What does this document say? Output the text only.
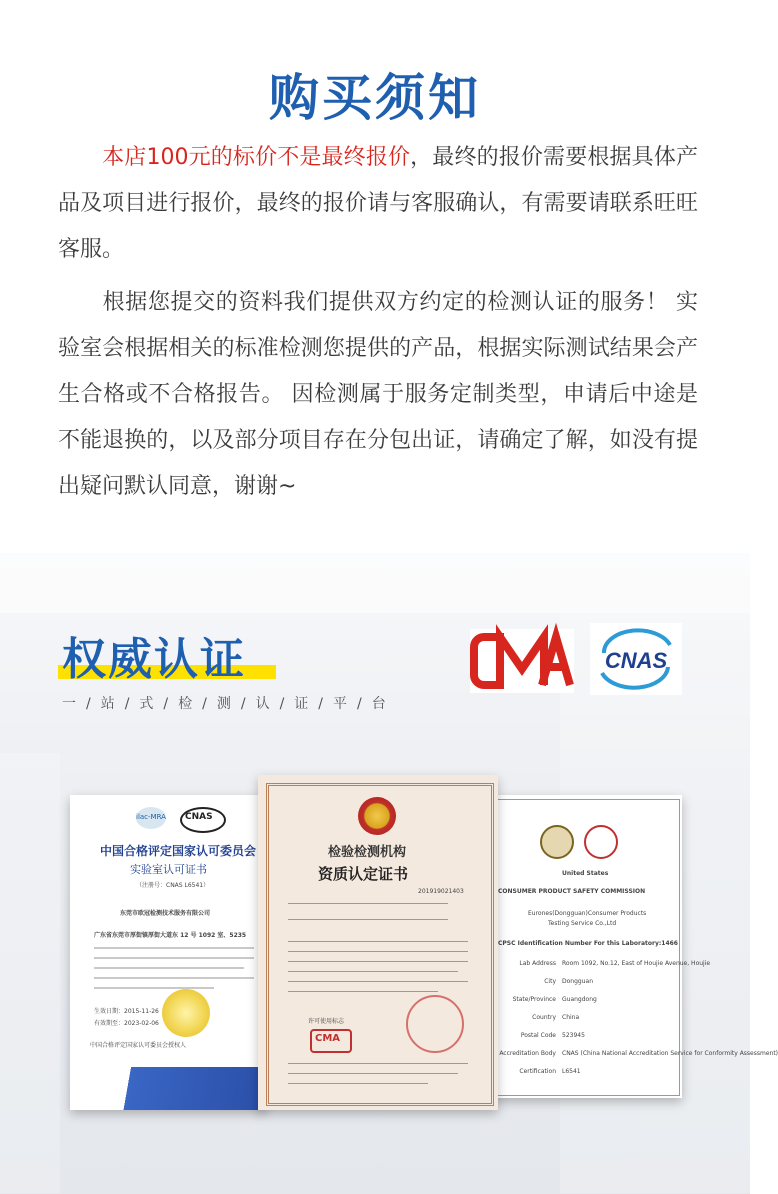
购买须知
本店100元的标价不是最终报价，最终的报价需要根据具体产品及项目进行报价，最终的报价请与客服确认，有需要请联系旺旺客服。
根据您提交的资料我们提供双方约定的检测认证的服务！ 实验室会根据相关的标准检测您提供的产品，根据实际测试结果会产生合格或不合格报告。 因检测属于服务定制类型，申请后中途是不能退换的，以及部分项目存在分包出证，请确定了解，如没有提出疑问默认同意，谢谢~
权威认证
一/站/式/检/测/认/证/平/台
CNAS
ilac-MRA CNAS
中国合格评定国家认可委员会
实验室认可证书
（注册号：CNAS L6541）
东莞市欧冠检测技术服务有限公司
广东省东莞市厚街镇厚街大道东 12 号 1092 室、5235
生效日期：2015-11-26
有效期至：2023-02-06
中国合格评定国家认可委员会授权人
United States
CONSUMER PRODUCT SAFETY COMMISSION
Eurones(Dongguan)Consumer Products
Testing Service Co.,Ltd
CPSC Identification Number For this Laboratory:1466
Lab Address Room 1092, No.12, East of Houjie Avenue, Houjie
City Dongguan
State/Province Guangdong
Country China
Postal Code 523945
Accreditation Body CNAS (China National Accreditation Service for Conformity Assessment)
Certification L6541
检验检测机构
资质认定证书
201919021403
许可使用标志
CMA
